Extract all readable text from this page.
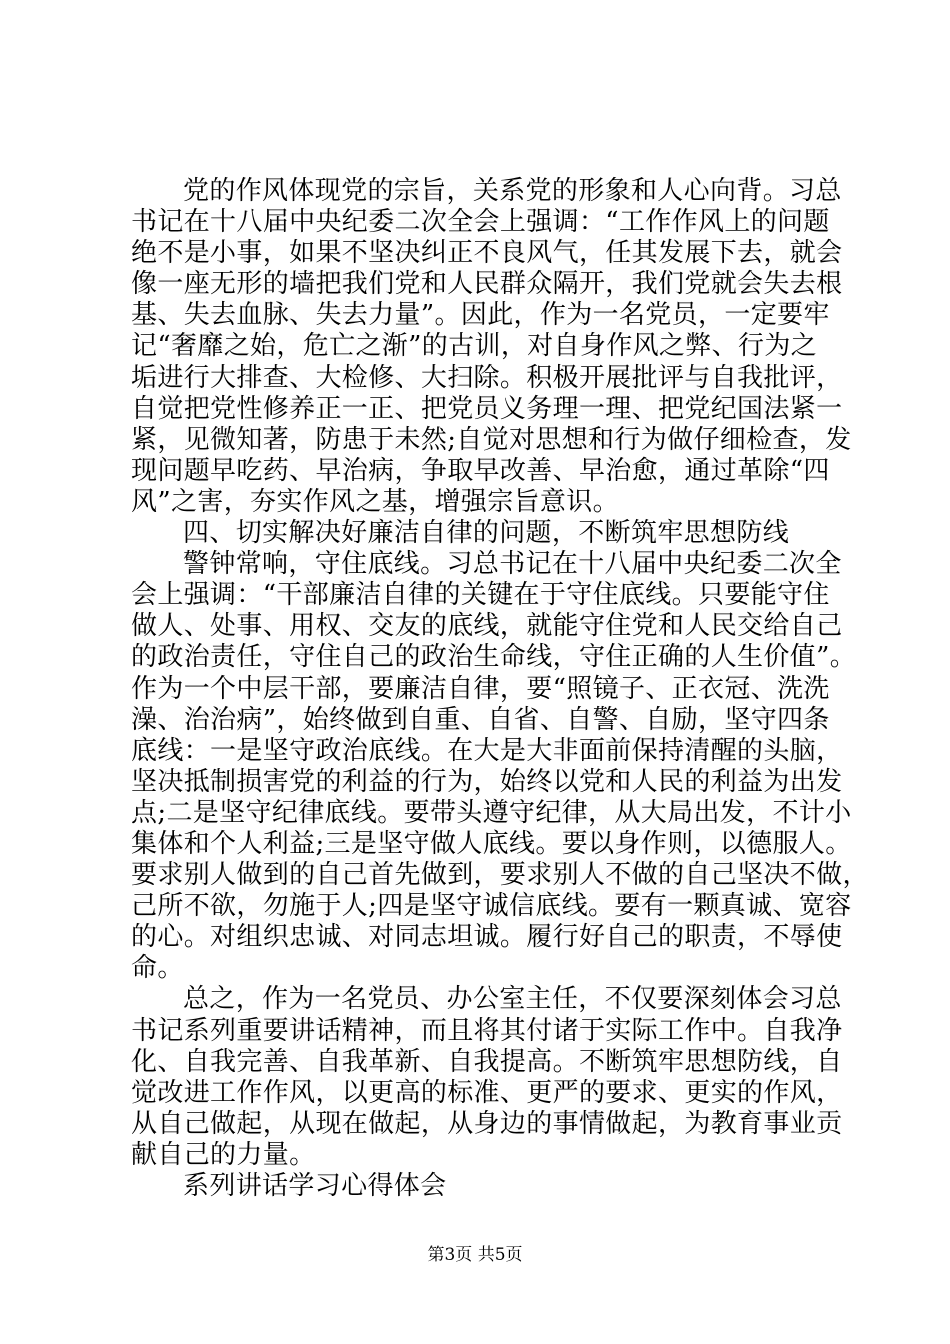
党的作风体现党的宗旨，关系党的形象和人心向背。习总
书记在十八届中央纪委二次全会上强调：“工作作风上的问题
绝不是小事，如果不坚决纠正不良风气，任其发展下去，就会
像一座无形的墙把我们党和人民群众隔开，我们党就会失去根
基、失去血脉、失去力量”。因此，作为一名党员，一定要牢
记“奢靡之始，危亡之渐”的古训，对自身作风之弊、行为之
垢进行大排查、大检修、大扫除。积极开展批评与自我批评，
自觉把党性修养正一正、把党员义务理一理、把党纪国法紧一
紧，见微知著，防患于未然;自觉对思想和行为做仔细检查，发
现问题早吃药、早治病，争取早改善、早治愈，通过革除“四
风”之害，夯实作风之基，增强宗旨意识。
四、切实解决好廉洁自律的问题，不断筑牢思想防线
警钟常响，守住底线。习总书记在十八届中央纪委二次全
会上强调：“干部廉洁自律的关键在于守住底线。只要能守住
做人、处事、用权、交友的底线，就能守住党和人民交给自己
的政治责任，守住自己的政治生命线，守住正确的人生价值”。
作为一个中层干部，要廉洁自律，要“照镜子、正衣冠、洗洗
澡、治治病”，始终做到自重、自省、自警、自励，坚守四条
底线：一是坚守政治底线。在大是大非面前保持清醒的头脑，
坚决抵制损害党的利益的行为，始终以党和人民的利益为出发
点;二是坚守纪律底线。要带头遵守纪律，从大局出发，不计小
集体和个人利益;三是坚守做人底线。要以身作则，以德服人。
要求别人做到的自己首先做到，要求别人不做的自己坚决不做，
己所不欲，勿施于人;四是坚守诚信底线。要有一颗真诚、宽容
的心。对组织忠诚、对同志坦诚。履行好自己的职责，不辱使
命。
总之，作为一名党员、办公室主任，不仅要深刻体会习总
书记系列重要讲话精神，而且将其付诸于实际工作中。自我净
化、自我完善、自我革新、自我提高。不断筑牢思想防线，自
觉改进工作作风，以更高的标准、更严的要求、更实的作风，
从自己做起，从现在做起，从身边的事情做起，为教育事业贡
献自己的力量。
系列讲话学习心得体会
第3页 共5页
